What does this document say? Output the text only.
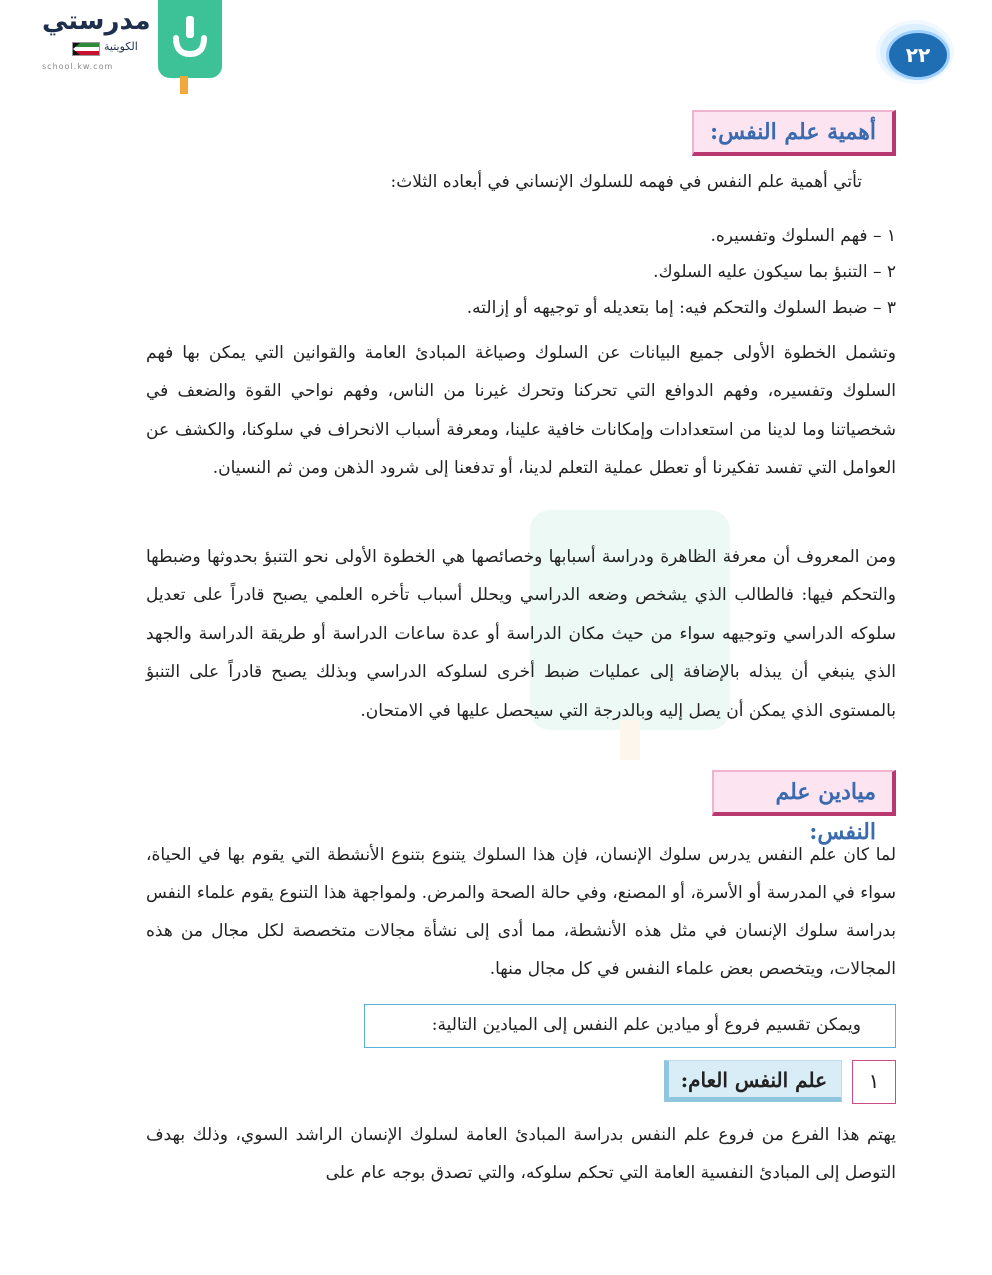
مدرستي
الكويتية
school.kw.com	٢٢
أهمية علم النفس:
تأتي أهمية علم النفس في فهمه للسلوك الإنساني في أبعاده الثلاث:
١ – فهم السلوك وتفسيره.
٢ – التنبؤ بما سيكون عليه السلوك.
٣ – ضبط السلوك والتحكم فيه: إما بتعديله أو توجيهه أو إزالته.
وتشمل الخطوة الأولى جميع البيانات عن السلوك وصياغة المبادئ العامة والقوانين التي يمكن بها فهم السلوك وتفسيره، وفهم الدوافع التي تحركنا وتحرك غيرنا من الناس، وفهم نواحي القوة والضعف في شخصياتنا وما لدينا من استعدادات وإمكانات خافية علينا، ومعرفة أسباب الانحراف في سلوكنا، والكشف عن العوامل التي تفسد تفكيرنا أو تعطل عملية التعلم لدينا، أو تدفعنا إلى شرود الذهن ومن ثم النسيان.
ومن المعروف أن معرفة الظاهرة ودراسة أسبابها وخصائصها هي الخطوة الأولى نحو التنبؤ بحدوثها وضبطها والتحكم فيها: فالطالب الذي يشخص وضعه الدراسي ويحلل أسباب تأخره العلمي يصبح قادراً على تعديل سلوكه الدراسي وتوجيهه سواء من حيث مكان الدراسة أو عدة ساعات الدراسة أو طريقة الدراسة والجهد الذي ينبغي أن يبذله بالإضافة إلى عمليات ضبط أخرى لسلوكه الدراسي وبذلك يصبح قادراً على التنبؤ بالمستوى الذي يمكن أن يصل إليه وبالدرجة التي سيحصل عليها في الامتحان.
ميادين علم النفس:
لما كان علم النفس يدرس سلوك الإنسان، فإن هذا السلوك يتنوع بتنوع الأنشطة التي يقوم بها في الحياة، سواء في المدرسة أو الأسرة، أو المصنع، وفي حالة الصحة والمرض. ولمواجهة هذا التنوع يقوم علماء النفس بدراسة سلوك الإنسان في مثل هذه الأنشطة، مما أدى إلى نشأة مجالات متخصصة لكل مجال من هذه المجالات، ويتخصص بعض علماء النفس في كل مجال منها.
ويمكن تقسيم فروع أو ميادين علم النفس إلى الميادين التالية:
١
علم النفس العام:
يهتم هذا الفرع من فروع علم النفس بدراسة المبادئ العامة لسلوك الإنسان الراشد السوي، وذلك بهدف التوصل إلى المبادئ النفسية العامة التي تحكم سلوكه، والتي تصدق بوجه عام على
